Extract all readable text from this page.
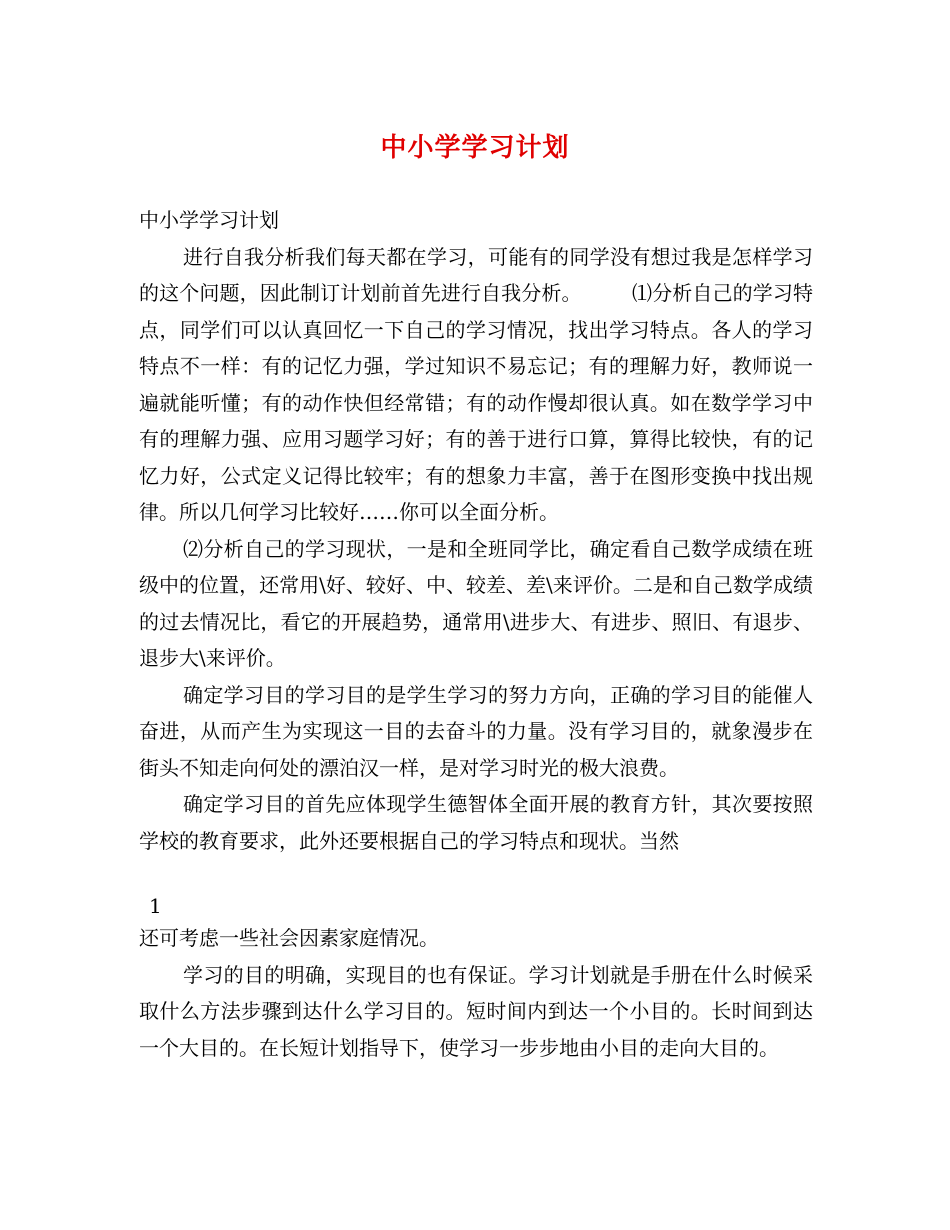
中小学学习计划

中小学学习计划

进行自我分析我们每天都在学习，可能有的同学没有想过我是怎样学习的这个问题，因此制订计划前首先进行自我分析。　　　⑴分析自己的学习特点，同学们可以认真回忆一下自己的学习情况，找出学习特点。各人的学习特点不一样：有的记忆力强，学过知识不易忘记；有的理解力好，教师说一遍就能听懂；有的动作快但经常错；有的动作慢却很认真。如在数学学习中有的理解力强、应用习题学习好；有的善于进行口算，算得比较快，有的记忆力好，公式定义记得比较牢；有的想象力丰富，善于在图形变换中找出规律。所以几何学习比较好……你可以全面分析。

⑵分析自己的学习现状，一是和全班同学比，确定看自己数学成绩在班级中的位置，还常用\好、较好、中、较差、差\来评价。二是和自己数学成绩的过去情况比，看它的开展趋势，通常用\进步大、有进步、照旧、有退步、退步大\来评价。

确定学习目的学习目的是学生学习的努力方向，正确的学习目的能催人奋进，从而产生为实现这一目的去奋斗的力量。没有学习目的，就象漫步在街头不知走向何处的漂泊汉一样，是对学习时光的极大浪费。

确定学习目的首先应体现学生德智体全面开展的教育方针，其次要按照学校的教育要求，此外还要根据自己的学习特点和现状。当然

1

还可考虑一些社会因素家庭情况。

学习的目的明确，实现目的也有保证。学习计划就是手册在什么时候采取什么方法步骤到达什么学习目的。短时间内到达一个小目的。长时间到达一个大目的。在长短计划指导下，使学习一步步地由小目的走向大目的。
